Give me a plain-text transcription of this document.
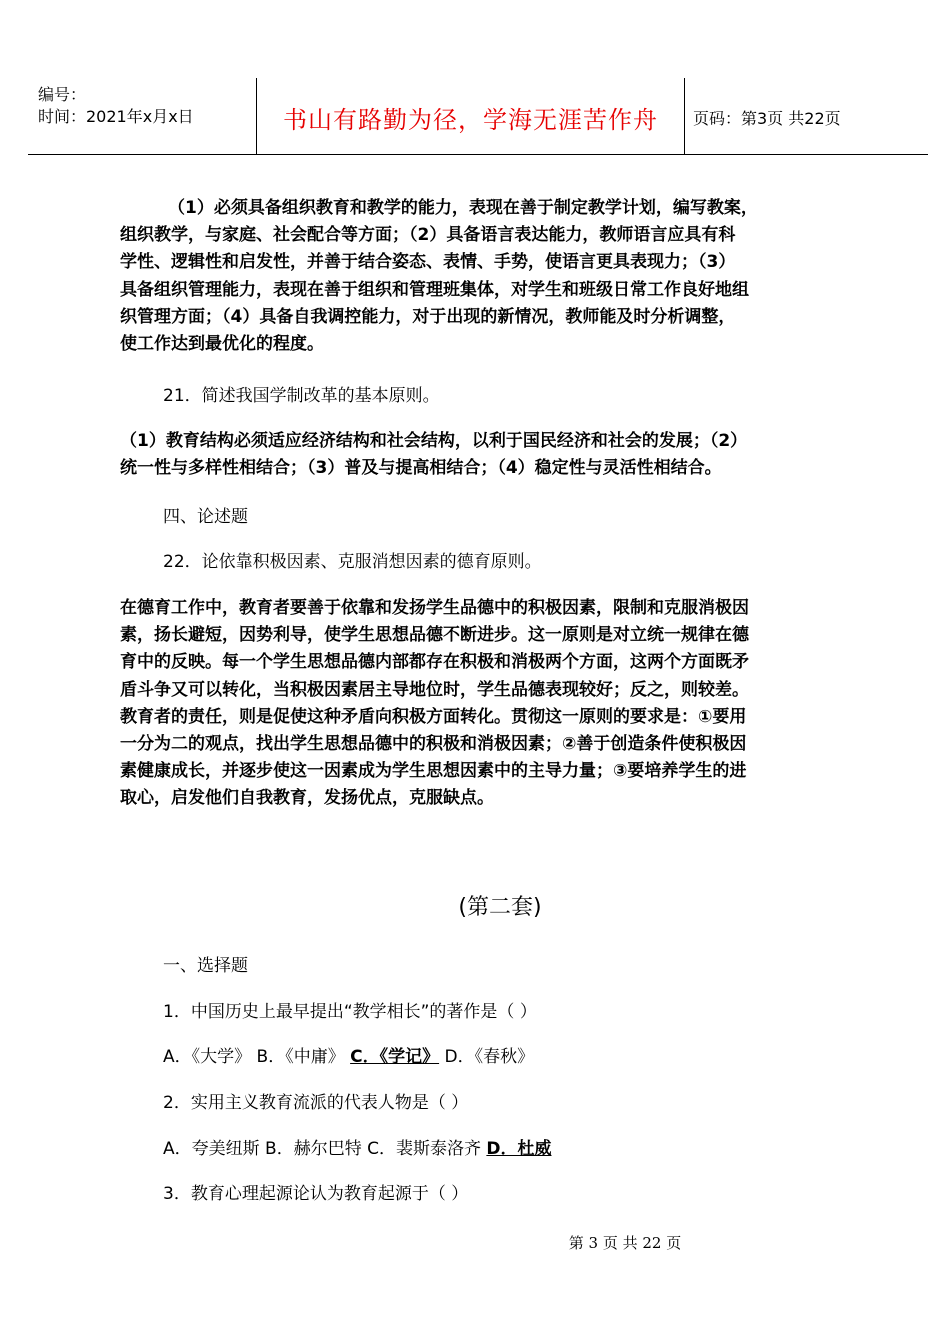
编号：
时间：2021年x月x日	书山有路勤为径，学海无涯苦作舟	页码：第3页 共22页
（1）必须具备组织教育和教学的能力，表现在善于制定教学计划，编写教案，
组织教学，与家庭、社会配合等方面；（2）具备语言表达能力，教师语言应具有科
学性、逻辑性和启发性，并善于结合姿态、表情、手势，使语言更具表现力；（3）
具备组织管理能力，表现在善于组织和管理班集体，对学生和班级日常工作良好地组
织管理方面；（4）具备自我调控能力，对于出现的新情况，教师能及时分析调整，
使工作达到最优化的程度。
21．简述我国学制改革的基本原则。
（1）教育结构必须适应经济结构和社会结构，以利于国民经济和社会的发展；（2）
统一性与多样性相结合；（3）普及与提高相结合；（4）稳定性与灵活性相结合。
四、论述题
22．论依靠积极因素、克服消想因素的德育原则。
在德育工作中，教育者要善于依靠和发扬学生品德中的积极因素，限制和克服消极因
素，扬长避短，因势利导，使学生思想品德不断进步。这一原则是对立统一规律在德
育中的反映。每一个学生思想品德内部都存在积极和消极两个方面，这两个方面既矛
盾斗争又可以转化，当积极因素居主导地位时，学生品德表现较好；反之，则较差。
教育者的责任，则是促使这种矛盾向积极方面转化。贯彻这一原则的要求是：①要用
一分为二的观点，找出学生思想品德中的积极和消极因素；②善于创造条件使积极因
素健康成长，并逐步使这一因素成为学生思想因素中的主导力量；③要培养学生的进
取心，启发他们自我教育，发扬优点，克服缺点。
(第二套)
一、选择题
1．中国历史上最早提出“教学相长”的著作是（ ）
A．《大学》 B．《中庸》 C．《学记》 D．《春秋》
2．实用主义教育流派的代表人物是（ ）
A．夸美纽斯 B．赫尔巴特 C．裴斯泰洛齐 D．杜威
3．教育心理起源论认为教育起源于（ ）
第 3 页 共 22 页
